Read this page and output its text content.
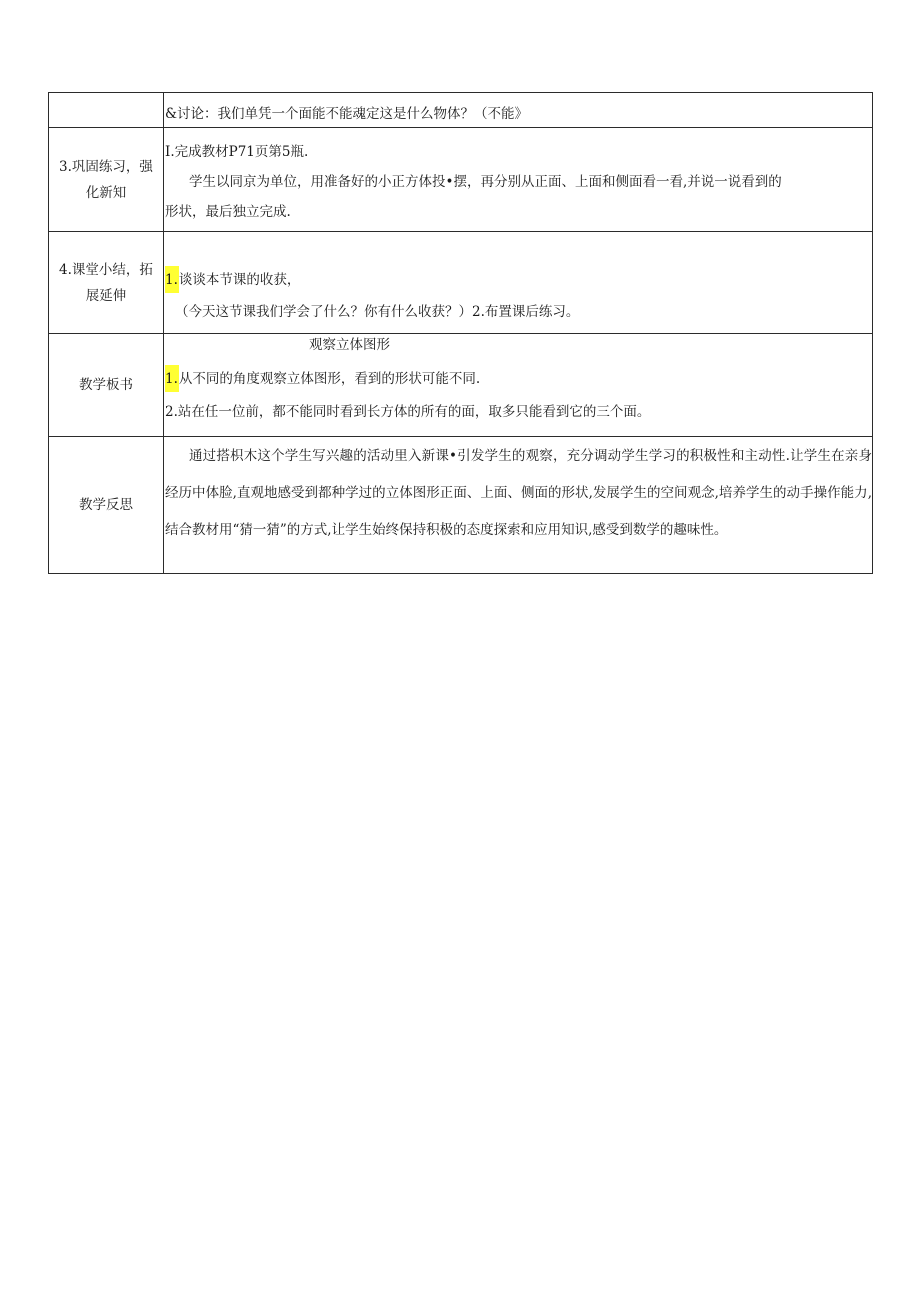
	&讨论：我们单凭一个面能不能魂定这是什么物体？（不能》

3.巩固练习，强化新知	I.完成教材P71页第5瓶.
学生以同京为单位，用准备好的小正方体投•摆，再分别从正面、上面和侧面看一看,并说一说看到的
形状，最后独立完成.

4.课堂小结，拓展延伸	1.谈谈本节课的收获，
（今天这节课我们学会了什么？你有什么收获？）2.布置课后练习。

教学板书	观察立体图形
1.从不同的角度观察立体图形，看到的形状可能不同.
2.站在任一位前，都不能同时看到长方体的所有的面，取多只能看到它的三个面。

教学反思	通过搭枳木这个学生写兴趣的活动里入新课•引发学生的观察，充分调动学生学习的积极性和主动性.让学生在亲身经历中体脸,直观地感受到都种学过的立体图形正面、上面、侧面的形状,发展学生的空间观念,培养学生的动手操作能力,结合教材用“猜一猜”的方式,让学生始终保持积极的态度探索和应用知识,感受到数学的趣味性。
